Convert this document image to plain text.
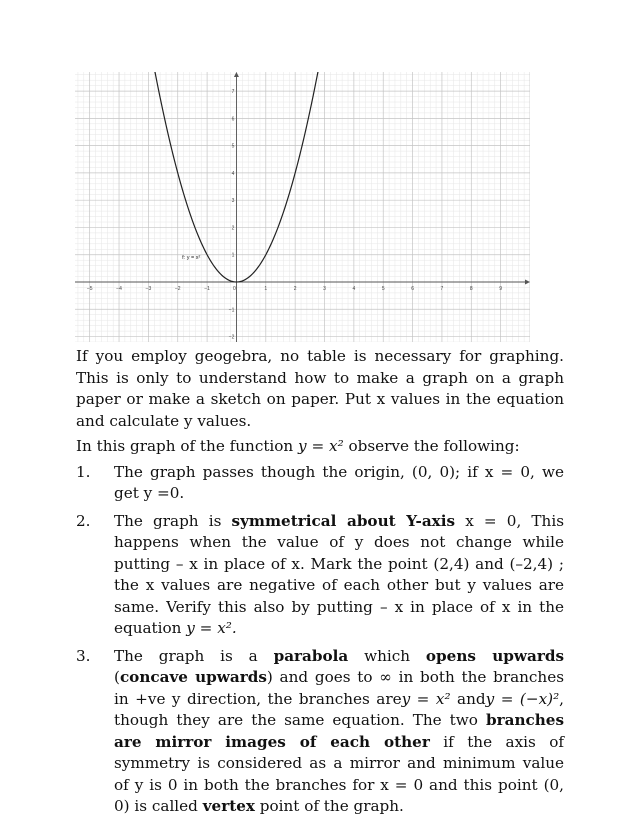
−5	−4	−3	−2	−1	0	1	2	3	4	5	6	7	8	9
−2
−1
1
2
3
4
5
6
7
f: y = x²

If you employ geogebra, no table is necessary for graphing. This is only to understand how to make a graph on a graph paper or make a sketch on paper. Put x values in the equation and calculate y values.

In this graph of the function y = x² observe the following:

1. The graph passes though the origin, (0, 0); if x = 0, we get y =0.
2. The graph is symmetrical about Y-axis x = 0, This happens when the value of y does not change while putting – x in place of x. Mark the point (2,4) and (–2,4) ; the x values are negative of each other but y values are same. Verify this also by putting – x in place of x in the equation y = x².
3. The graph is a parabola which opens upwards (concave upwards) and goes to ∞ in both the branches in +ve y direction, the branches arey = x² andy = (−x)², though they are the same equation. The two branches are mirror images of each other if the axis of symmetry is considered as a mirror and minimum value of y is 0 in both the branches for x = 0 and this point (0, 0) is called vertex point of the graph.
